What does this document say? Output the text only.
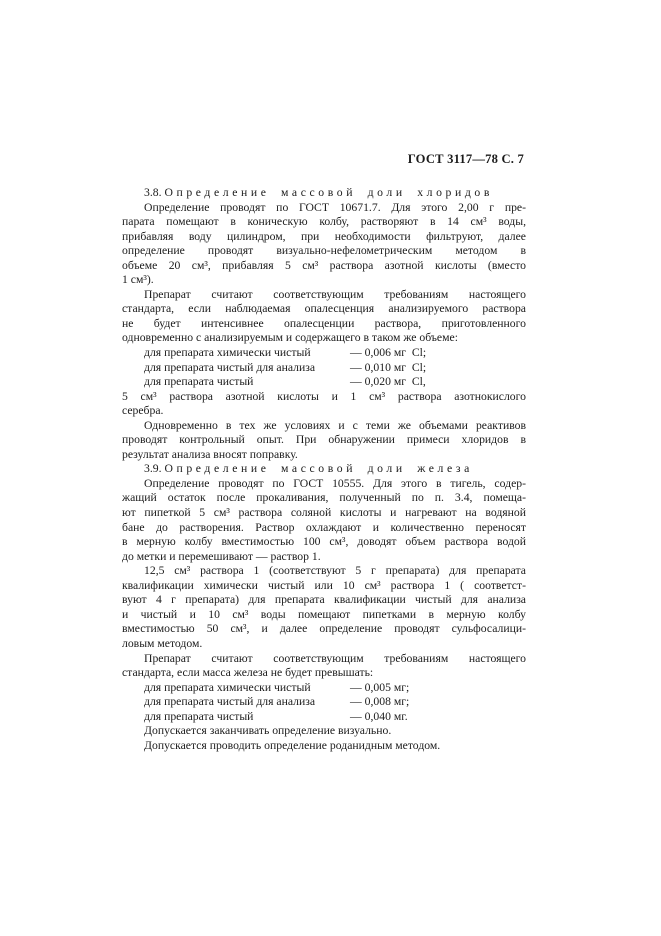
ГОСТ 3117—78 С. 7
3.8. Определение массовой доли хлоридов
Определение проводят по ГОСТ 10671.7. Для этого 2,00 г пре-
парата помещают в коническую колбу, растворяют в 14 см³ воды,
прибавляя воду цилиндром, при необходимости фильтруют, далее
определение проводят визуально-нефелометрическим методом в
объеме 20 см³, прибавляя 5 см³ раствора азотной кислоты (вместо
1 см³).
Препарат считают соответствующим требованиям настоящего
стандарта, если наблюдаемая опалесценция анализируемого раствора
не будет интенсивнее опалесценции раствора, приготовленного
одновременно с анализируемым и содержащего в таком же объеме:
для препарата химически чистый	— 0,006 мг  Cl;
для препарата чистый для анализа	— 0,010 мг  Cl;
для препарата чистый	— 0,020 мг  Cl,
5 см³ раствора азотной кислоты и 1 см³ раствора азотнокислого
серебра.
Одновременно в тех же условиях и с теми же объемами реактивов
проводят контрольный опыт. При обнаружении примеси хлоридов в
результат анализа вносят поправку.
3.9. Определение массовой доли железа
Определение проводят по ГОСТ 10555. Для этого в тигель, содер-
жащий остаток после прокаливания, полученный по п. 3.4, помеща-
ют пипеткой 5 см³ раствора соляной кислоты и нагревают на водяной
бане до растворения. Раствор охлаждают и количественно переносят
в мерную колбу вместимостью 100 см³, доводят объем раствора водой
до метки и перемешивают — раствор 1.
12,5 см³ раствора 1 (соответствуют 5 г препарата) для препарата
квалификации химически чистый или 10 см³ раствора 1 ( соответст-
вуют 4 г препарата) для препарата квалификации чистый для анализа
и чистый и 10 см³ воды помещают пипетками в мерную колбу
вместимостью 50 см³, и далее определение проводят сульфосалици-
ловым методом.
Препарат считают соответствующим требованиям настоящего
стандарта, если масса железа не будет превышать:
для препарата химически чистый	— 0,005 мг;
для препарата чистый для анализа	— 0,008 мг;
для препарата чистый	— 0,040 мг.
Допускается заканчивать определение визуально.
Допускается проводить определение роданидным методом.
